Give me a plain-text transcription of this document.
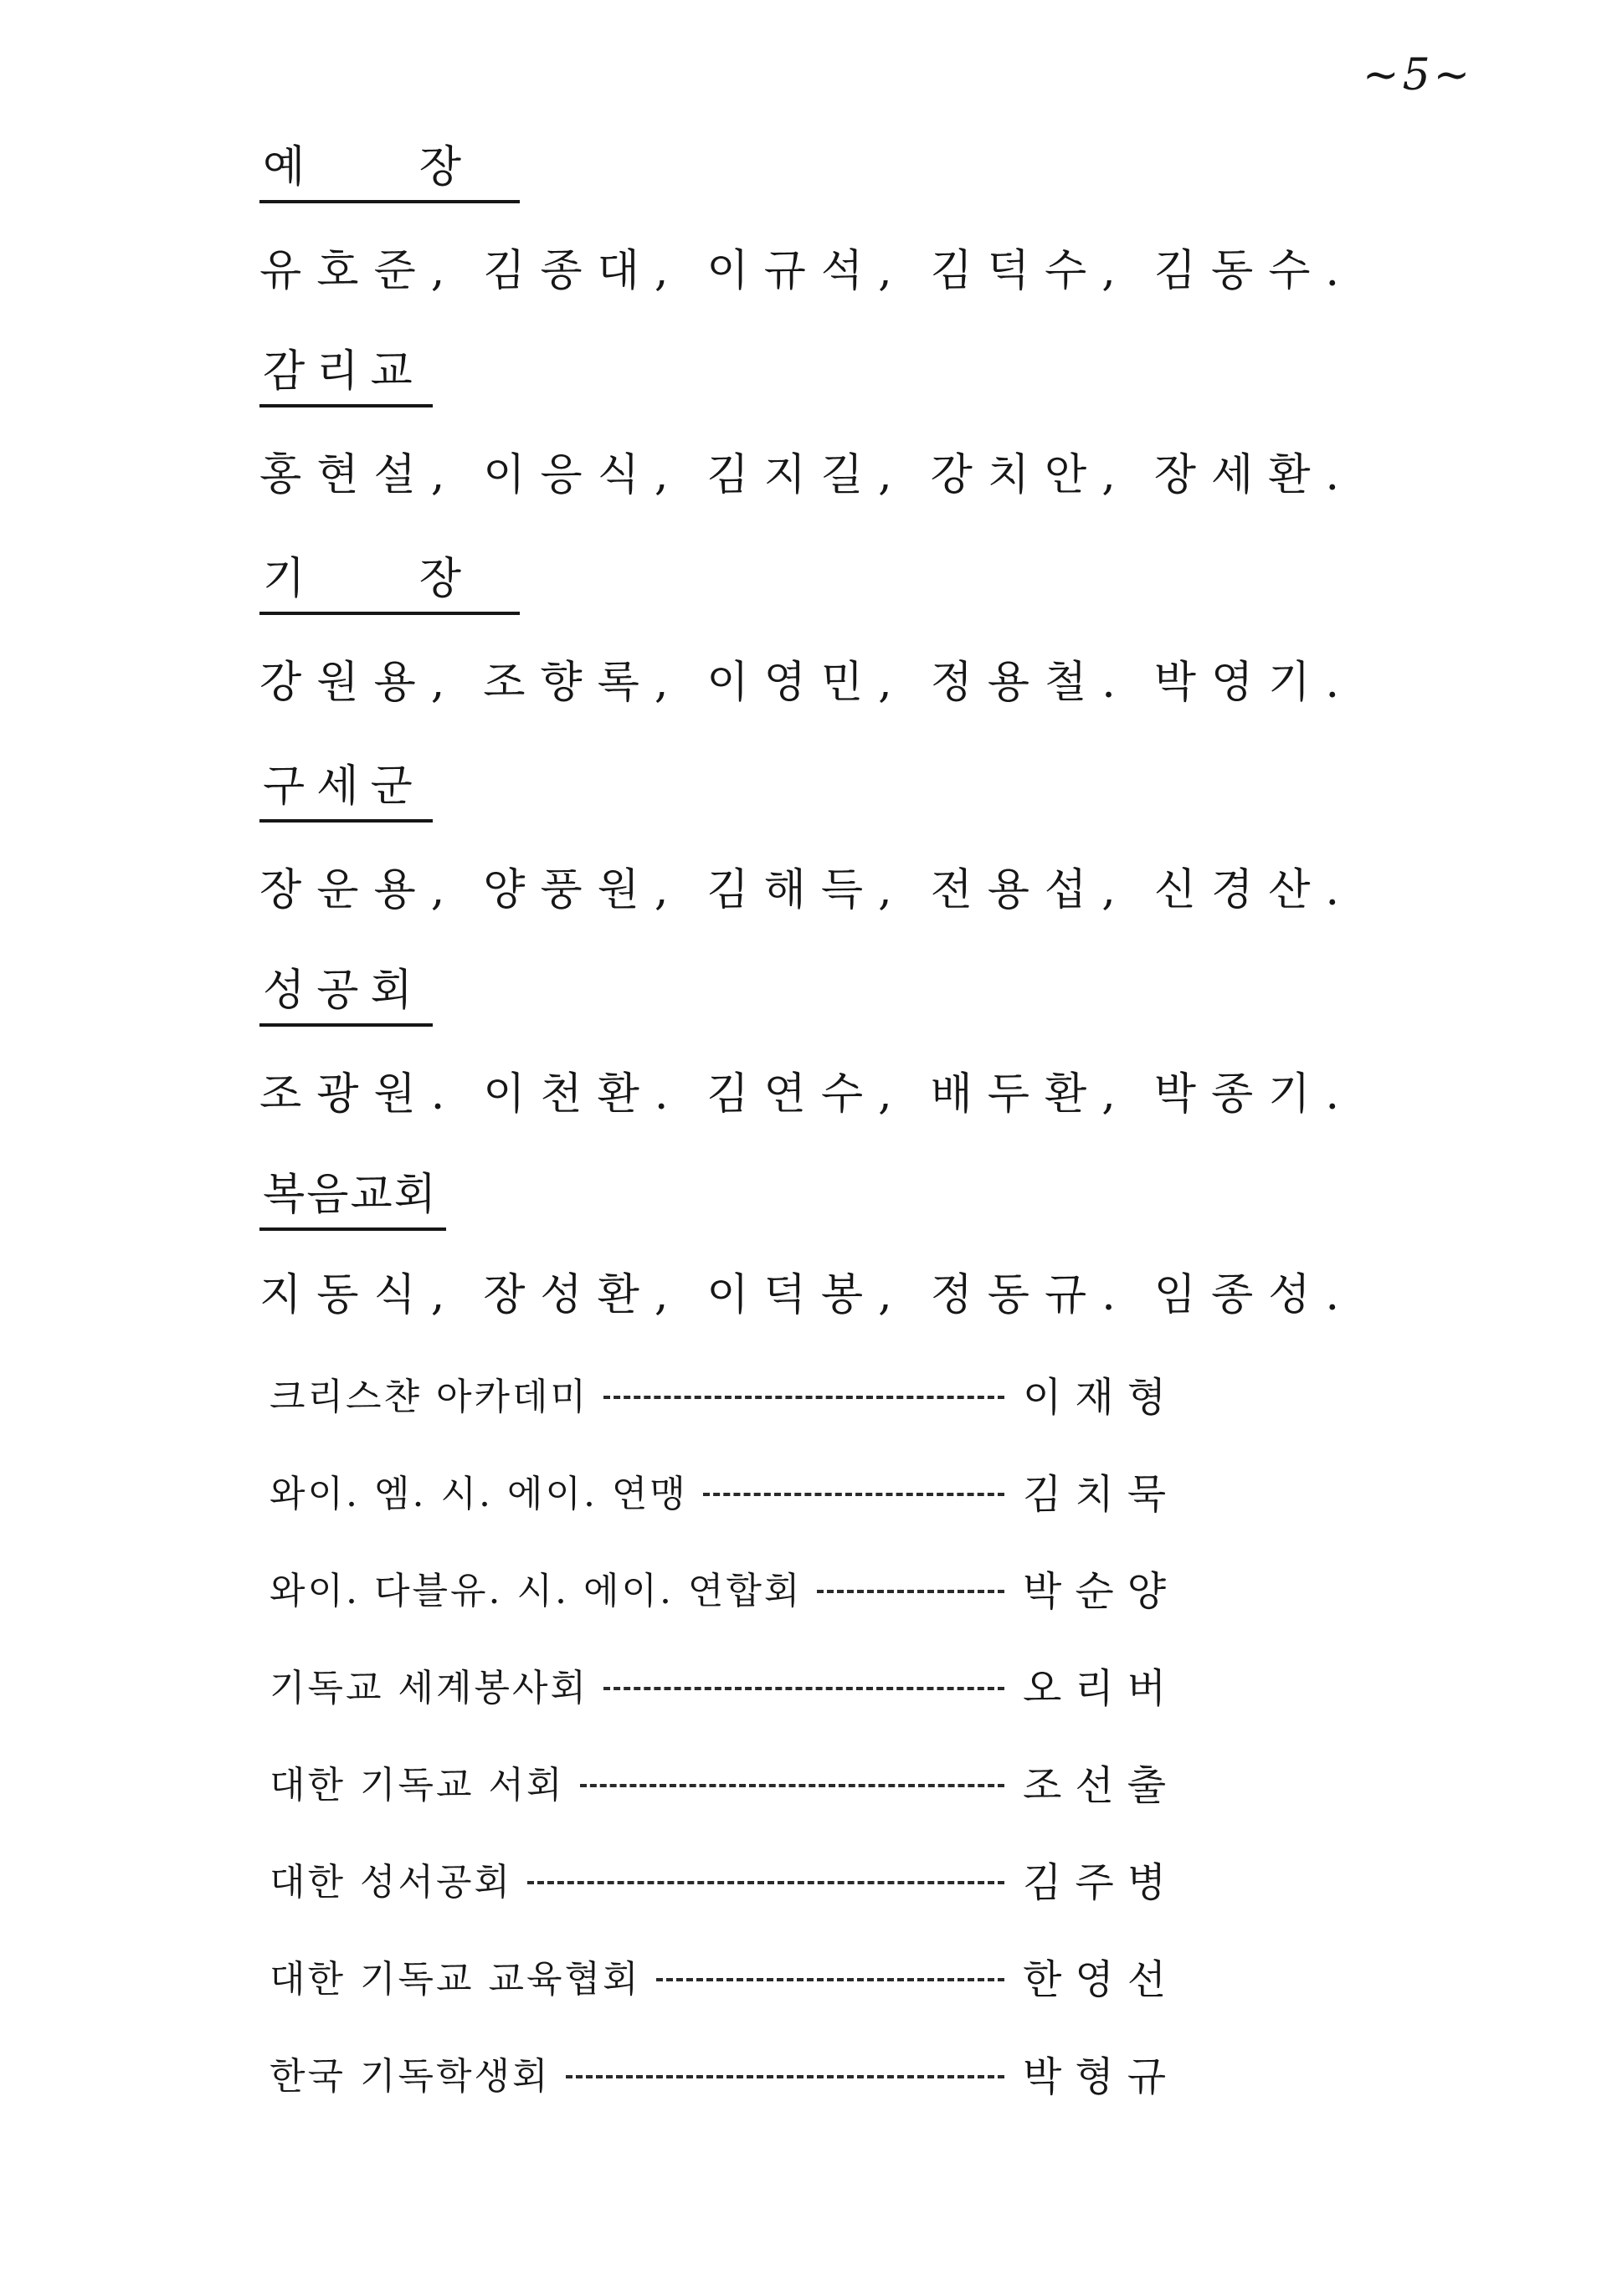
~5~
예 장
유호준, 김종대, 이규석, 김덕수, 김동수.
감리교
홍현설, 이응식, 김지길, 강치안, 장세환.
기 장
강원용, 조향록, 이영민, 정용철. 박영기.
구세군
장운용, 양풍원, 김해득, 전용섭, 신경산.
성공회
조광원. 이천환. 김연수, 배두환, 박종기.
복음교회
지동식, 장성환, 이덕봉, 정동규. 임종성.
크리스챤 아카데미	이재형
와이. 엠. 시. 에이. 연맹	김치묵
와이. 다블유. 시. 에이. 연합회	박순양
기독교 세계봉사회	오리버
대한 기독교 서회	조선출
대한 성서공회	김주병
대한 기독교 교육협회	한영선
한국 기독학생회	박형규
